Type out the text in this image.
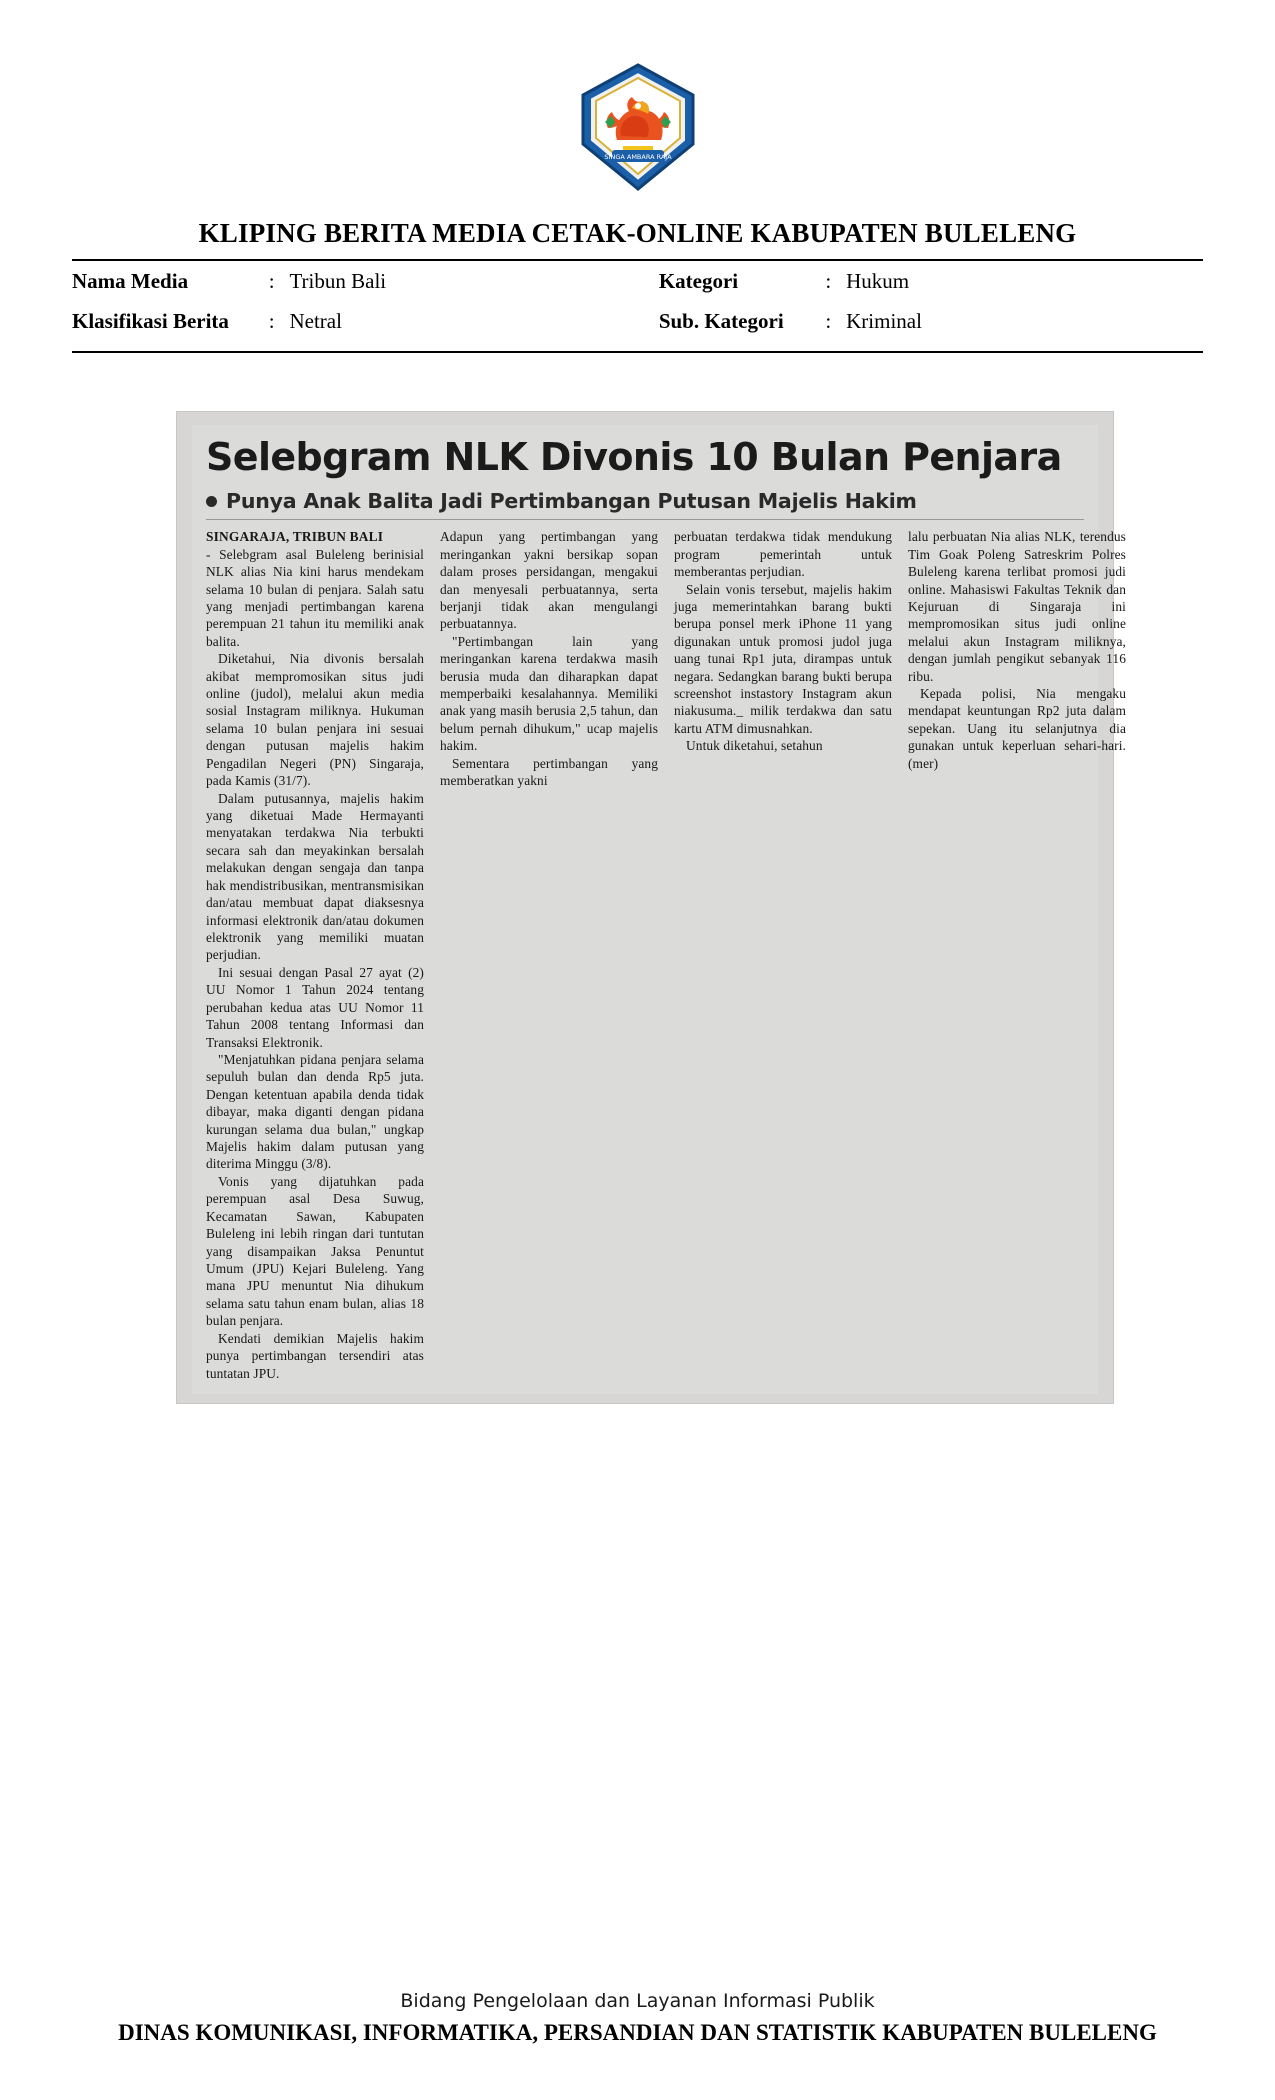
SINGA AMBARA RAJA
KLIPING BERITA MEDIA CETAK-ONLINE KABUPATEN BULELENG
Nama Media	:	Tribun Bali	Kategori	:	Hukum
Klasifikasi Berita	:	Netral	Sub. Kategori	:	Kriminal
Selebgram NLK Divonis 10 Bulan Penjara
Punya Anak Balita Jadi Pertimbangan Putusan Majelis Hakim

SINGARAJA, TRIBUN BALI

- Selebgram asal Buleleng berinisial NLK alias Nia kini harus mendekam selama 10 bulan di penjara. Salah satu yang menjadi pertimbangan karena perempuan 21 tahun itu memiliki anak balita.

Diketahui, Nia divonis bersalah akibat mempromosikan situs judi online (judol), melalui akun media sosial Instagram miliknya. Hukuman selama 10 bulan penjara ini sesuai dengan putusan majelis hakim Pengadilan Negeri (PN) Singaraja, pada Kamis (31/7).

Dalam putusannya, majelis hakim yang diketuai Made Hermayanti menyatakan terdakwa Nia terbukti secara sah dan meyakinkan bersalah melakukan dengan sengaja dan tanpa hak mendistribusikan, mentransmisikan dan/atau membuat dapat diaksesnya informasi elektronik dan/atau dokumen elektronik yang memiliki muatan perjudian.

Ini sesuai dengan Pasal 27 ayat (2) UU Nomor 1 Tahun 2024 tentang perubahan kedua atas UU Nomor 11 Tahun 2008 tentang Informasi dan Transaksi Elektronik.

"Menjatuhkan pidana penjara selama sepuluh bulan dan denda Rp5 juta. Dengan ketentuan apabila denda tidak dibayar, maka diganti dengan pidana kurungan selama dua bulan," ungkap Majelis hakim dalam putusan yang diterima Minggu (3/8).

Vonis yang dijatuhkan pada perempuan asal Desa Suwug, Kecamatan Sawan, Kabupaten Buleleng ini lebih ringan dari tuntutan yang disampaikan Jaksa Penuntut Umum (JPU) Kejari Buleleng. Yang mana JPU menuntut Nia dihukum selama satu tahun enam bulan, alias 18 bulan penjara.

Kendati demikian Majelis hakim punya pertimbangan tersendiri atas tuntatan JPU.

Adapun yang pertimbangan yang meringankan yakni bersikap sopan dalam proses persidangan, mengakui dan menyesali perbuatannya, serta berjanji tidak akan mengulangi perbuatannya.

"Pertimbangan lain yang meringankan karena terdakwa masih berusia muda dan diharapkan dapat memperbaiki kesalahannya. Memiliki anak yang masih berusia 2,5 tahun, dan belum pernah dihukum," ucap majelis hakim.

Sementara pertimbangan yang memberatkan yakni

perbuatan terdakwa tidak mendukung program pemerintah untuk memberantas perjudian.

Selain vonis tersebut, majelis hakim juga memerintahkan barang bukti berupa ponsel merk iPhone 11 yang digunakan untuk promosi judol juga uang tunai Rp1 juta, dirampas untuk negara. Sedangkan barang bukti berupa screenshot instastory Instagram akun niakusuma._ milik terdakwa dan satu kartu ATM dimusnahkan.

Untuk diketahui, setahun

lalu perbuatan Nia alias NLK, terendus Tim Goak Poleng Satreskrim Polres Buleleng karena terlibat promosi judi online. Mahasiswi Fakultas Teknik dan Kejuruan di Singaraja ini mempromosikan situs judi online melalui akun Instagram miliknya, dengan jumlah pengikut sebanyak 116 ribu.

Kepada polisi, Nia mengaku mendapat keuntungan Rp2 juta dalam sepekan. Uang itu selanjutnya dia gunakan untuk keperluan sehari-hari. (mer)

Bidang Pengelolaan dan Layanan Informasi Publik
DINAS KOMUNIKASI, INFORMATIKA, PERSANDIAN DAN STATISTIK KABUPATEN BULELENG
